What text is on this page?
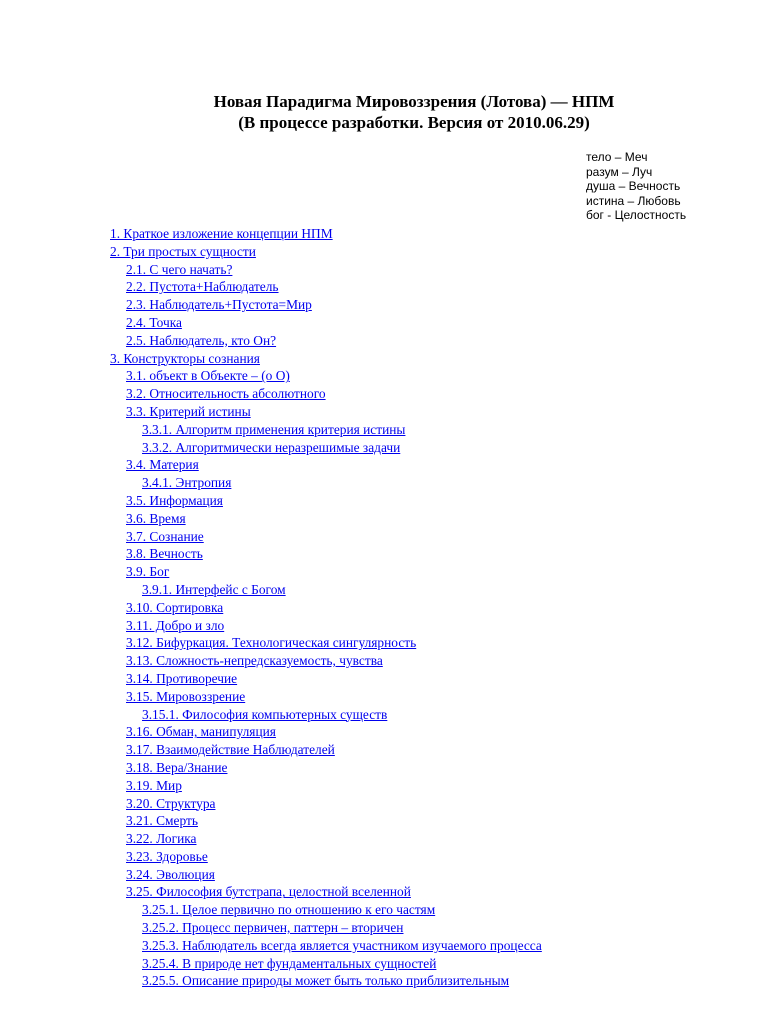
Новая Парадигма Мировоззрения (Лотова) — НПМ
(В процессе разработки. Версия от 2010.06.29)
тело – Меч
разум – Луч
душа – Вечность
истина – Любовь
бог - Целостность
1. Краткое изложение концепции НПМ
2. Три простых сущности
2.1. С чего начать?
2.2. Пустота+Наблюдатель
2.3. Наблюдатель+Пустота=Мир
2.4. Точка
2.5. Наблюдатель, кто Он?
3. Конструкторы сознания
3.1. объект в Объекте – (o O)
3.2. Относительность абсолютного
3.3. Критерий истины
3.3.1. Алгоритм применения критерия истины
3.3.2. Алгоритмически неразрешимые задачи
3.4. Материя
3.4.1. Энтропия
3.5. Информация
3.6. Время
3.7. Сознание
3.8. Вечность
3.9. Бог
3.9.1. Интерфейс с Богом
3.10. Сортировка
3.11. Добро и зло
3.12. Бифуркация. Технологическая сингулярность
3.13. Сложность-непредсказуемость, чувства
3.14. Противоречие
3.15. Мировоззрение
3.15.1. Философия компьютерных существ
3.16. Обман, манипуляция
3.17. Взаимодействие Наблюдателей
3.18. Вера/Знание
3.19. Мир
3.20. Структура
3.21. Смерть
3.22. Логика
3.23. Здоровье
3.24. Эволюция
3.25. Философия бутстрапа, целостной вселенной
3.25.1. Целое первично по отношению к его частям
3.25.2. Процесс первичен, паттерн – вторичен
3.25.3. Наблюдатель всегда является участником изучаемого процесса
3.25.4. В природе нет фундаментальных сущностей
3.25.5. Описание природы может быть только приблизительным
